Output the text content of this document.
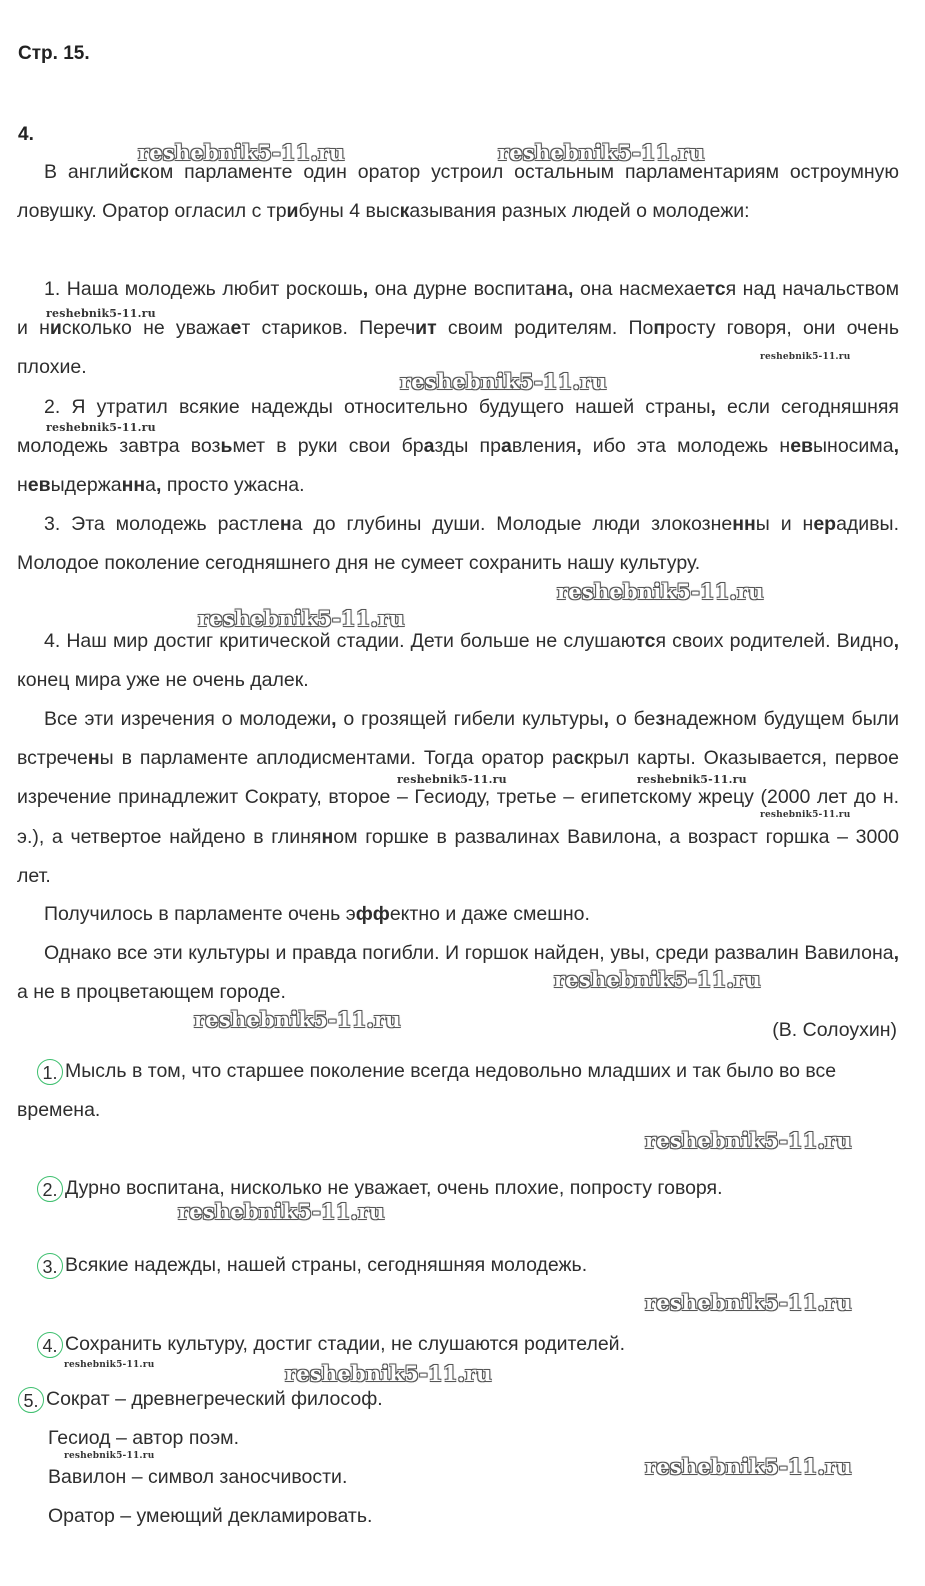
Стр. 15.
4.
В английском парламенте один оратор устроил остальным парламентариям остроумную ловушку. Оратор огласил с трибуны 4 высказывания разных людей о молодежи:
1. Наша молодежь любит роскошь, она дурне воспитана, она насмехается над начальством и нисколько не уважает стариков. Перечит своим родителям. Попросту говоря, они очень плохие.
2. Я утратил всякие надежды относительно будущего нашей страны, если сегодняшняя молодежь завтра возьмет в руки свои бразды правления, ибо эта молодежь невыносима, невыдержанна, просто ужасна.
3. Эта молодежь растлена до глубины души. Молодые люди злокозненны и нерадивы. Молодое поколение сегодняшнего дня не сумеет сохранить нашу культуру.
4. Наш мир достиг критической стадии. Дети больше не слушаются своих родителей. Видно, конец мира уже не очень далек.
Все эти изречения о молодежи, о грозящей гибели культуры, о безнадежном будущем были встречены в парламенте аплодисментами. Тогда оратор раскрыл карты. Оказывается, первое изречение принадлежит Сократу, второе – Гесиоду, третье – египетскому жрецу (2000 лет до н. э.), а четвертое найдено в глиняном горшке в развалинах Вавилона, а возраст горшка – 3000 лет.
Получилось в парламенте очень эффектно и даже смешно.
Однако все эти культуры и правда погибли. И горшок найден, увы, среди развалин Вавилона, а не в процветающем городе.
(В. Солоухин)
1. Мысль в том, что старшее поколение всегда недовольно младших и так было во все времена.
2. Дурно воспитана, нисколько не уважает, очень плохие, попросту говоря.
3. Всякие надежды, нашей страны, сегодняшняя молодежь.
4. Сохранить культуру, достиг стадии, не слушаются родителей.
5. Сократ – древнегреческий философ.
Гесиод – автор поэм.
Вавилон – символ заносчивости.
Оратор – умеющий декламировать.
reshebnik5-11.ru	reshebnik5-11.ru
reshebnik5-11.ru
reshebnik5-11.ru
reshebnik5-11.ru
reshebnik5-11.ru
reshebnik5-11.ru
reshebnik5-11.ru
reshebnik5-11.ru	reshebnik5-11.ru
reshebnik5-11.ru
reshebnik5-11.ru
reshebnik5-11.ru
reshebnik5-11.ru
reshebnik5-11.ru
reshebnik5-11.ru
reshebnik5-11.ru	reshebnik5-11.ru
reshebnik5-11.ru	reshebnik5-11.ru
